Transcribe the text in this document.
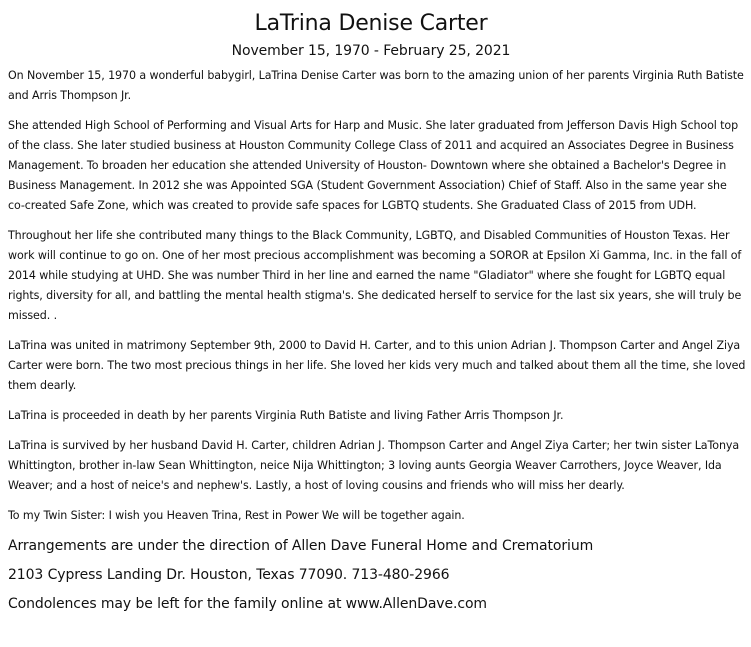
LaTrina Denise Carter
November 15, 1970 - February 25, 2021

On November 15, 1970 a wonderful babygirl, LaTrina Denise Carter was born to the amazing union of her parents Virginia Ruth Batiste and Arris Thompson Jr.

She attended High School of Performing and Visual Arts for Harp and Music. She later graduated from Jefferson Davis High School top of the class. She later studied business at Houston Community College Class of 2011 and acquired an Associates Degree in Business Management. To broaden her education she attended University of Houston- Downtown where she obtained a Bachelor's Degree in Business Management. In 2012 she was Appointed SGA (Student Government Association) Chief of Staff. Also in the same year she co-created Safe Zone, which was created to provide safe spaces for LGBTQ students. She Graduated Class of 2015 from UDH.

Throughout her life she contributed many things to the Black Community, LGBTQ, and Disabled Communities of Houston Texas. Her work will continue to go on. One of her most precious accomplishment was becoming a SOROR at Epsilon Xi Gamma, Inc. in the fall of 2014 while studying at UHD. She was number Third in her line and earned the name "Gladiator" where she fought for LGBTQ equal rights, diversity for all, and battling the mental health stigma's. She dedicated herself to service for the last six years, she will truly be missed. .

LaTrina was united in matrimony September 9th, 2000 to David H. Carter, and to this union Adrian J. Thompson Carter and Angel Ziya Carter were born. The two most precious things in her life. She loved her kids very much and talked about them all the time, she loved them dearly.

LaTrina is proceeded in death by her parents Virginia Ruth Batiste and living Father Arris Thompson Jr.

LaTrina is survived by her husband David H. Carter, children Adrian J. Thompson Carter and Angel Ziya Carter; her twin sister LaTonya Whittington, brother in-law Sean Whittington, neice Nija Whittington; 3 loving aunts Georgia Weaver Carrothers, Joyce Weaver, Ida Weaver; and a host of neice's and nephew's. Lastly, a host of loving cousins and friends who will miss her dearly.

To my Twin Sister: I wish you Heaven Trina, Rest in Power We will be together again.

Arrangements are under the direction of Allen Dave Funeral Home and Crematorium
2103 Cypress Landing Dr. Houston, Texas 77090. 713-480-2966
Condolences may be left for the family online at www.AllenDave.com
